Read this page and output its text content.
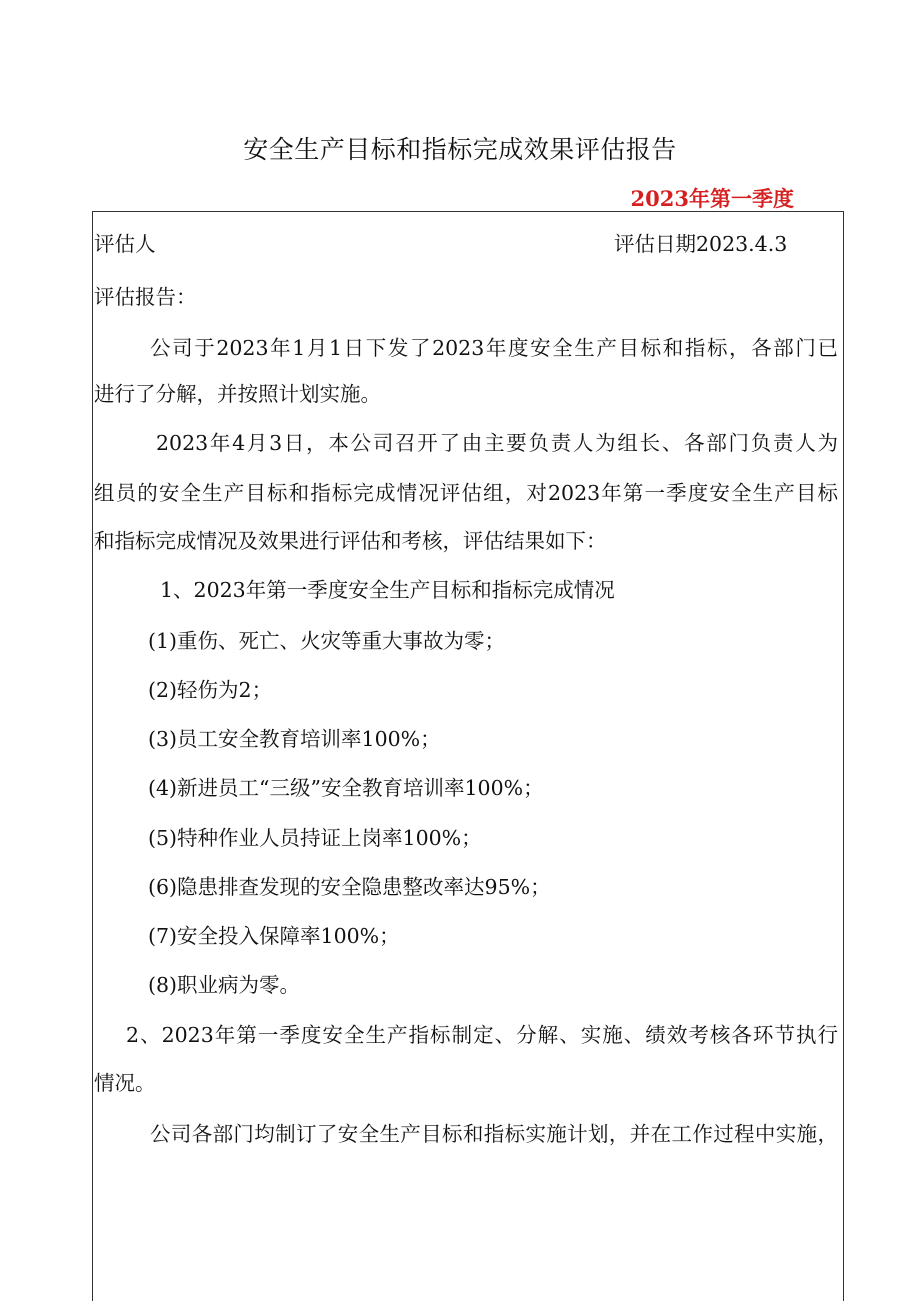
安全生产目标和指标完成效果评估报告
2023年第一季度
评估人	评估日期2023.4.3
评估报告：
公司于2023年1月1日下发了2023年度安全生产目标和指标，各部门已
进行了分解，并按照计划实施。
2023年4月3日，本公司召开了由主要负责人为组长、各部门负责人为
组员的安全生产目标和指标完成情况评估组，对2023年第一季度安全生产目标
和指标完成情况及效果进行评估和考核，评估结果如下：
1、2023年第一季度安全生产目标和指标完成情况
(1)重伤、死亡、火灾等重大事故为零；
(2)轻伤为2；
(3)员工安全教育培训率100%；
(4)新进员工“三级”安全教育培训率100%；
(5)特种作业人员持证上岗率100%；
(6)隐患排查发现的安全隐患整改率达95%；
(7)安全投入保障率100%；
(8)职业病为零。
2、2023年第一季度安全生产指标制定、分解、实施、绩效考核各环节执行
情况。
公司各部门均制订了安全生产目标和指标实施计划，并在工作过程中实施，
